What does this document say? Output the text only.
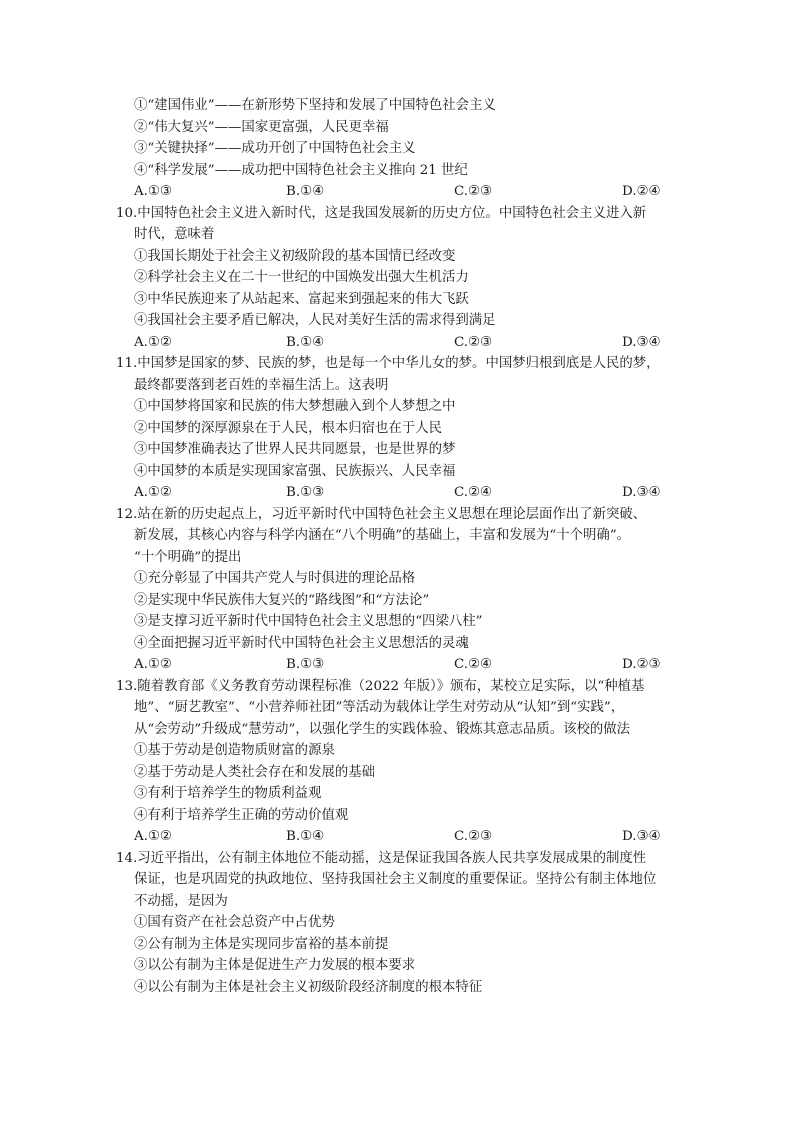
①“建国伟业”——在新形势下坚持和发展了中国特色社会主义
②“伟大复兴”——国家更富强，人民更幸福
③“关键抉择”——成功开创了中国特色社会主义
④“科学发展”——成功把中国特色社会主义推向 21 世纪
A.①③	B.①④	C.②③	D.②④
10.中国特色社会主义进入新时代，这是我国发展新的历史方位。中国特色社会主义进入新
时代，意味着
①我国长期处于社会主义初级阶段的基本国情已经改变
②科学社会主义在二十一世纪的中国焕发出强大生机活力
③中华民族迎来了从站起来、富起来到强起来的伟大飞跃
④我国社会主要矛盾已解决，人民对美好生活的需求得到满足
A.①②	B.①④	C.②③	D.③④
11.中国梦是国家的梦、民族的梦，也是每一个中华儿女的梦。中国梦归根到底是人民的梦，
最终都要落到老百姓的幸福生活上。这表明
①中国梦将国家和民族的伟大梦想融入到个人梦想之中
②中国梦的深厚源泉在于人民，根本归宿也在于人民
③中国梦准确表达了世界人民共同愿景，也是世界的梦
④中国梦的本质是实现国家富强、民族振兴、人民幸福
A.①②	B.①③	C.②④	D.③④
12.站在新的历史起点上，习近平新时代中国特色社会主义思想在理论层面作出了新突破、
新发展，其核心内容与科学内涵在“八个明确”的基础上，丰富和发展为“十个明确”。
“十个明确”的提出
①充分彰显了中国共产党人与时俱进的理论品格
②是实现中华民族伟大复兴的“路线图”和“方法论”
③是支撑习近平新时代中国特色社会主义思想的“四梁八柱”
④全面把握习近平新时代中国特色社会主义思想活的灵魂
A.①②	B.①③	C.②④	D.②③
13.随着教育部《义务教育劳动课程标准（2022 年版）》颁布，某校立足实际，以“种植基
地”、“厨艺教室”、“小营养师社团”等活动为载体让学生对劳动从“认知”到“实践”，
从“会劳动”升级成“慧劳动”，以强化学生的实践体验、锻炼其意志品质。该校的做法
①基于劳动是创造物质财富的源泉
②基于劳动是人类社会存在和发展的基础
③有利于培养学生的物质利益观
④有利于培养学生正确的劳动价值观
A.①②	B.①④	C.②③	D.③④
14.习近平指出，公有制主体地位不能动摇，这是保证我国各族人民共享发展成果的制度性
保证，也是巩固党的执政地位、坚持我国社会主义制度的重要保证。坚持公有制主体地位
不动摇，是因为
①国有资产在社会总资产中占优势
②公有制为主体是实现同步富裕的基本前提
③以公有制为主体是促进生产力发展的根本要求
④以公有制为主体是社会主义初级阶段经济制度的根本特征
